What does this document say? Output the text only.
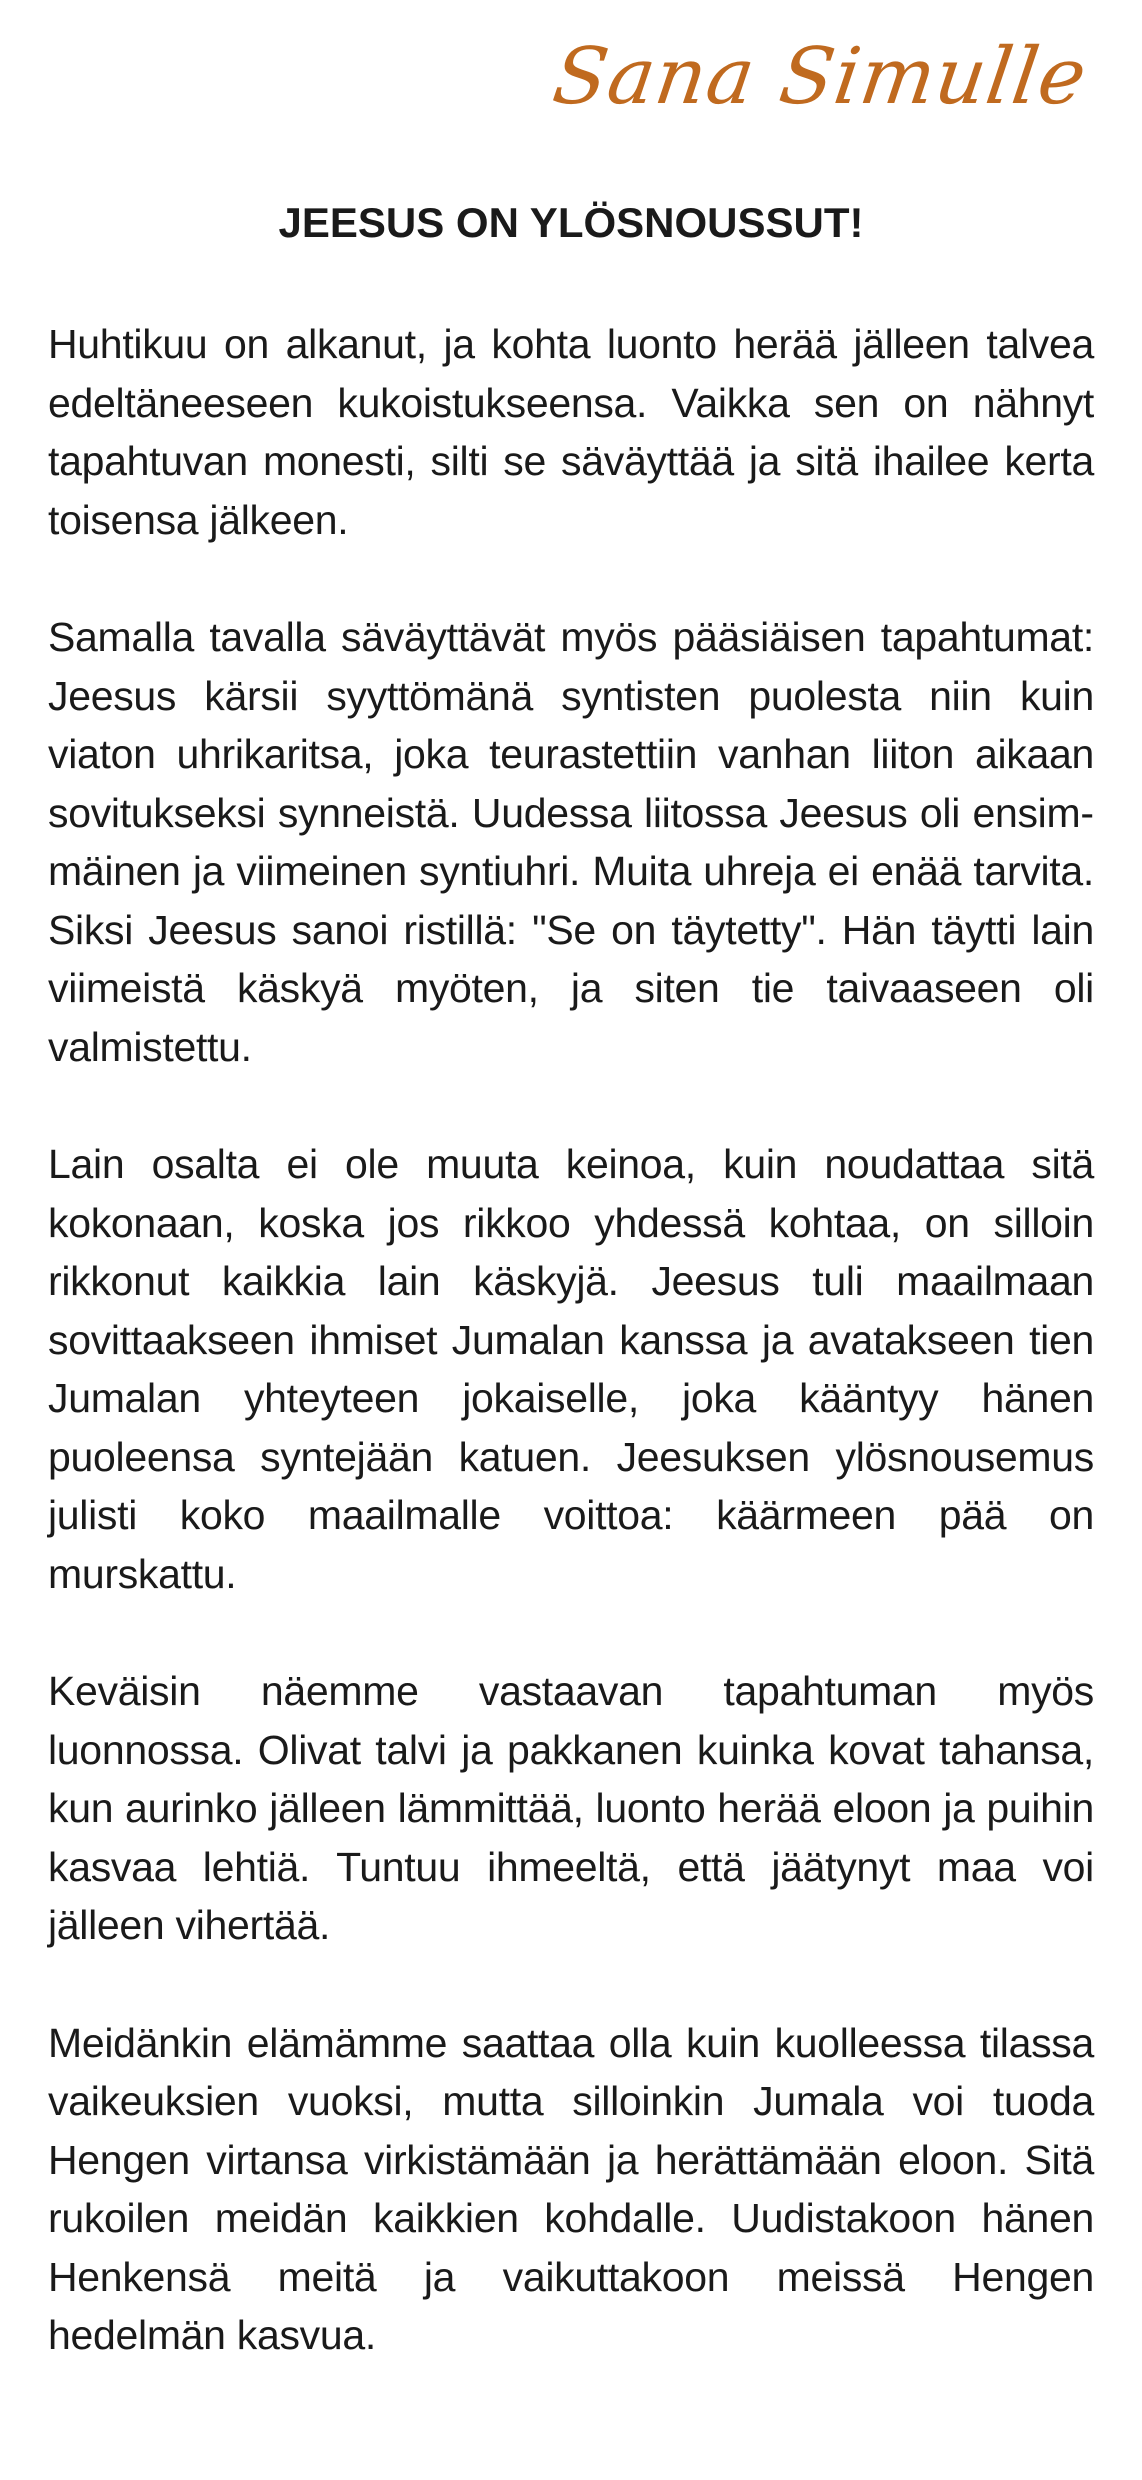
Sana Simulle
JEESUS ON YLÖSNOUSSUT!

Huhtikuu on alkanut, ja kohta luonto herää jälleen talvea edeltäneeseen kukoistukseensa. Vaikka sen on nähnyt tapahtuvan monesti, silti se säväyttää ja sitä ihailee kerta toisensa jälkeen.

Samalla tavalla säväyttävät myös pääsiäisen tapahtumat: Jeesus kärsii syyttömänä syntisten puolesta niin kuin viaton uhrikaritsa, joka teurastettiin vanhan liiton aikaan sovitukseksi synneistä. Uudessa liitossa Jeesus oli ensimmäinen ja viimeinen syntiuhri. Muita uhreja ei enää tarvita. Siksi Jeesus sanoi ristillä: "Se on täytetty". Hän täytti lain viimeistä käskyä myöten, ja siten tie taivaaseen oli valmistettu.

Lain osalta ei ole muuta keinoa, kuin noudattaa sitä kokonaan, koska jos rikkoo yhdessä kohtaa, on silloin rikkonut kaikkia lain käskyjä. Jeesus tuli maailmaan sovittaakseen ihmiset Jumalan kanssa ja avatakseen tien Jumalan yhteyteen jokaiselle, joka kääntyy hänen puoleensa syntejään katuen. Jeesuksen ylösnousemus julisti koko maailmalle voittoa: käärmeen pää on murskattu.

Keväisin näemme vastaavan tapahtuman myös luonnossa. Olivat talvi ja pakkanen kuinka kovat tahansa, kun aurinko jälleen lämmittää, luonto herää eloon ja puihin kasvaa lehtiä. Tuntuu ihmeeltä, että jäätynyt maa voi jälleen vihertää.

Meidänkin elämämme saattaa olla kuin kuolleessa tilassa vaikeuksien vuoksi, mutta silloinkin Jumala voi tuoda Hengen virtansa virkistämään ja herättämään eloon. Sitä rukoilen meidän kaikkien kohdalle. Uudistakoon hänen Henkensä meitä ja vaikuttakoon meissä Hengen hedelmän kasvua.
